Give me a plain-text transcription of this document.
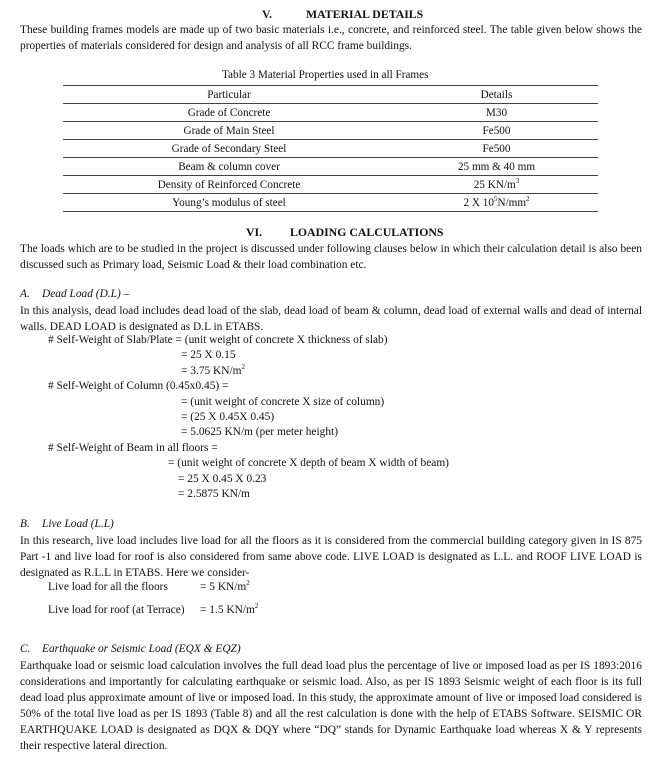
V.	MATERIAL DETAILS
These building frames models are made up of two basic materials i.e., concrete, and reinforced steel. The table given below shows the properties of materials considered for design and analysis of all RCC frame buildings.
Table 3 Material Properties used in all Frames
Particular	Details
Grade of Concrete	M30
Grade of Main Steel	Fe500
Grade of Secondary Steel	Fe500
Beam & column cover	25 mm & 40 mm
Density of Reinforced Concrete	25 $KN/m^3$
Young’s modulus of steel	2 X $10^5N/mm^2$
VI. LOADING CALCULATIONS
The loads which are to be studied in the project is discussed under following clauses below in which their calculation detail is also been discussed such as Primary load, Seismic Load & their load combination etc.
A. Dead Load (D.L) –
In this analysis, dead load includes dead load of the slab, dead load of beam & column, dead load of external walls and dead of internal walls. DEAD LOAD is designated as D.L in ETABS.
# Self-Weight of Slab/Plate = (unit weight of concrete X thickness of slab)
= 25 X 0.15
= 3.75 $KN/m^2$
# Self-Weight of Column (0.45x0.45) =
= (unit weight of concrete X size of column)
= (25 X 0.45X 0.45)
= 5.0625 KN/m (per meter height)
# Self-Weight of Beam in all floors =
= (unit weight of concrete X depth of beam X width of beam)
= 25 X 0.45 X 0.23
= 2.5875 KN/m
B. Live Load (L.L)
In this research, live load includes live load for all the floors as it is considered from the commercial building category given in IS 875 Part -1 and live load for roof is also considered from same above code. LIVE LOAD is designated as L.L. and ROOF LIVE LOAD is designated as R.L.L in ETABS. Here we consider-
Live load for all the floors	= 5 $KN/m^2$
Live load for roof (at Terrace) = 1.5 $KN/m^2$
C. Earthquake or Seismic Load (EQX & EQZ)
Earthquake load or seismic load calculation involves the full dead load plus the percentage of live or imposed load as per IS 1893:2016 considerations and importantly for calculating earthquake or seismic load. Also, as per IS 1893 Seismic weight of each floor is its full dead load plus approximate amount of live or imposed load. In this study, the approximate amount of live or imposed load considered is 50% of the total live load as per IS 1893 (Table 8) and all the rest calculation is done with the help of ETABS Software. SEISMIC OR EARTHQUAKE LOAD is designated as DQX & DQY where “DQ” stands for Dynamic Earthquake load whereas X & Y represents their respective lateral direction.
